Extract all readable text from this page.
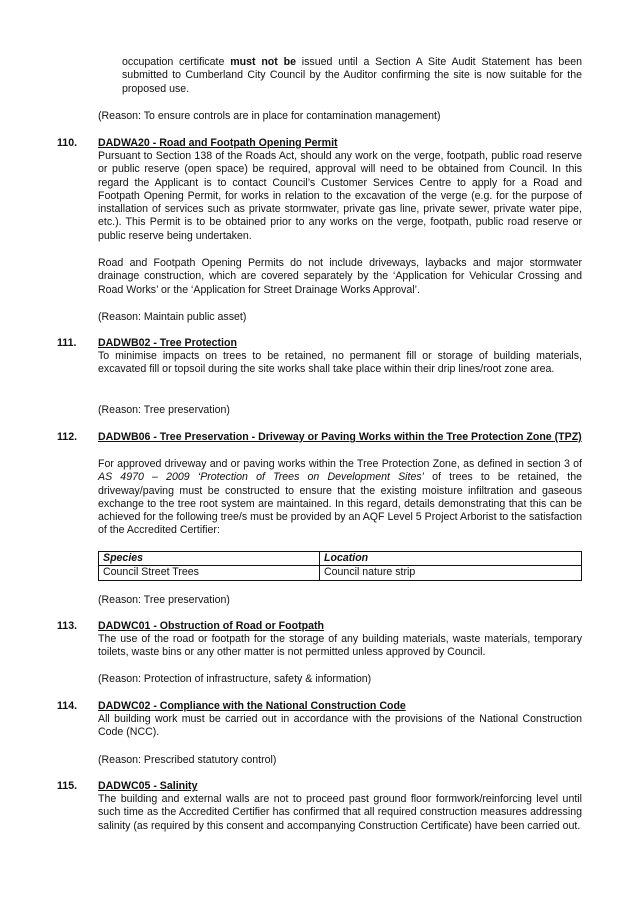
occupation certificate must not be issued until a Section A Site Audit Statement has been submitted to Cumberland City Council by the Auditor confirming the site is now suitable for the proposed use.

(Reason: To ensure controls are in place for contamination management)

110. DADWA20 - Road and Footpath Opening Permit

Pursuant to Section 138 of the Roads Act, should any work on the verge, footpath, public road reserve or public reserve (open space) be required, approval will need to be obtained from Council. In this regard the Applicant is to contact Council’s Customer Services Centre to apply for a Road and Footpath Opening Permit, for works in relation to the excavation of the verge (e.g. for the purpose of installation of services such as private stormwater, private gas line, private sewer, private water pipe, etc.). This Permit is to be obtained prior to any works on the verge, footpath, public road reserve or public reserve being undertaken.

Road and Footpath Opening Permits do not include driveways, laybacks and major stormwater drainage construction, which are covered separately by the ‘Application for Vehicular Crossing and Road Works’ or the ‘Application for Street Drainage Works Approval’.

(Reason: Maintain public asset)

111. DADWB02 - Tree Protection

To minimise impacts on trees to be retained, no permanent fill or storage of building materials, excavated fill or topsoil during the site works shall take place within their drip lines/root zone area.

(Reason: Tree preservation)

112. DADWB06 - Tree Preservation - Driveway or Paving Works within the Tree Protection Zone (TPZ)

For approved driveway and or paving works within the Tree Protection Zone, as defined in section 3 of AS 4970 – 2009 ‘Protection of Trees on Development Sites’ of trees to be retained, the driveway/paving must be constructed to ensure that the existing moisture infiltration and gaseous exchange to the tree root system are maintained. In this regard, details demonstrating that this can be achieved for the following tree/s must be provided by an AQF Level 5 Project Arborist to the satisfaction of the Accredited Certifier:

Species	Location
Council Street Trees	Council nature strip

(Reason: Tree preservation)

113. DADWC01 - Obstruction of Road or Footpath

The use of the road or footpath for the storage of any building materials, waste materials, temporary toilets, waste bins or any other matter is not permitted unless approved by Council.

(Reason: Protection of infrastructure, safety & information)

114. DADWC02 - Compliance with the National Construction Code

All building work must be carried out in accordance with the provisions of the National Construction Code (NCC).

(Reason: Prescribed statutory control)

115. DADWC05 - Salinity

The building and external walls are not to proceed past ground floor formwork/reinforcing level until such time as the Accredited Certifier has confirmed that all required construction measures addressing salinity (as required by this consent and accompanying Construction Certificate) have been carried out.
